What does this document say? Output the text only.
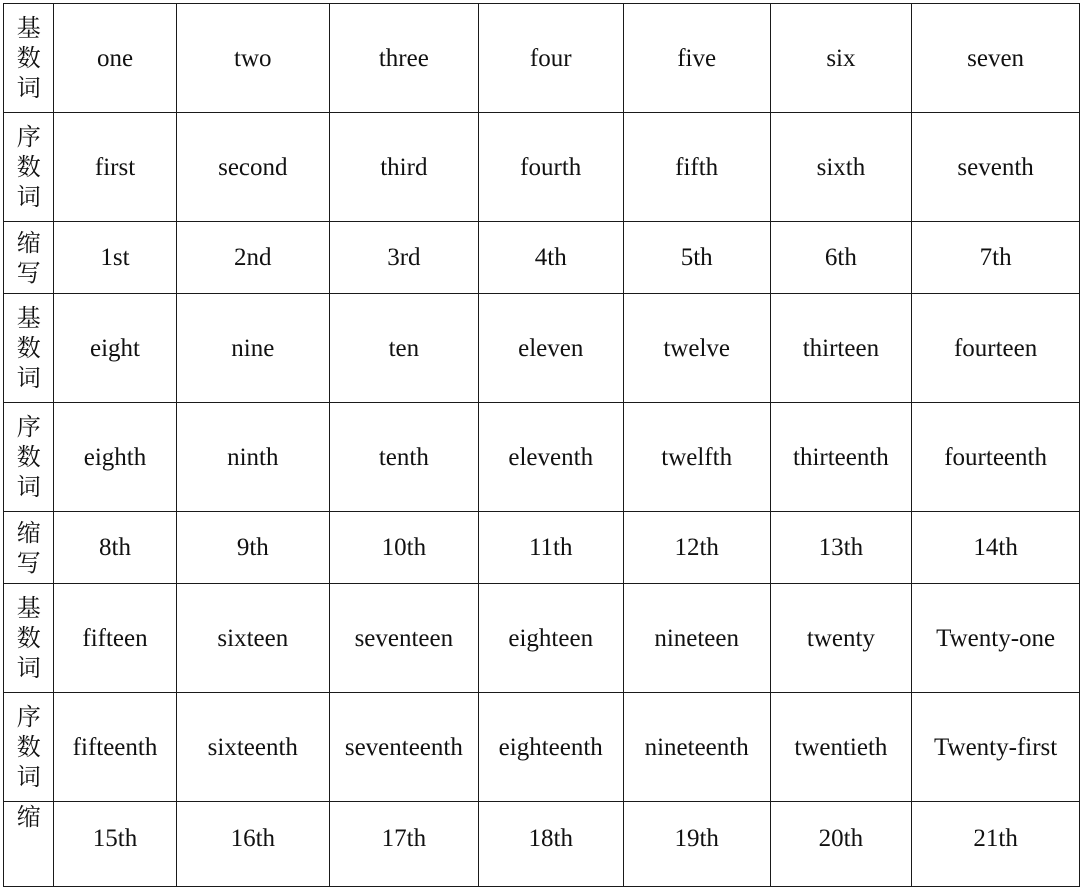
基
数
词	one	two	three	four	five	six	seven

序
数
词	first	second	third	fourth	fifth	sixth	seventh

缩
写	1st	2nd	3rd	4th	5th	6th	7th

基
数
词	eight	nine	ten	eleven	twelve	thirteen	fourteen

序
数
词	eighth	ninth	tenth	eleventh	twelfth	thirteenth	fourteenth

缩
写	8th	9th	10th	11th	12th	13th	14th

基
数
词	fifteen	sixteen	seventeen	eighteen	nineteen	twenty	Twenty-one

序
数
词	fifteenth	sixteenth	seventeenth	eighteenth	nineteenth	twentieth	Twenty-first

缩	15th	16th	17th	18th	19th	20th	21th
